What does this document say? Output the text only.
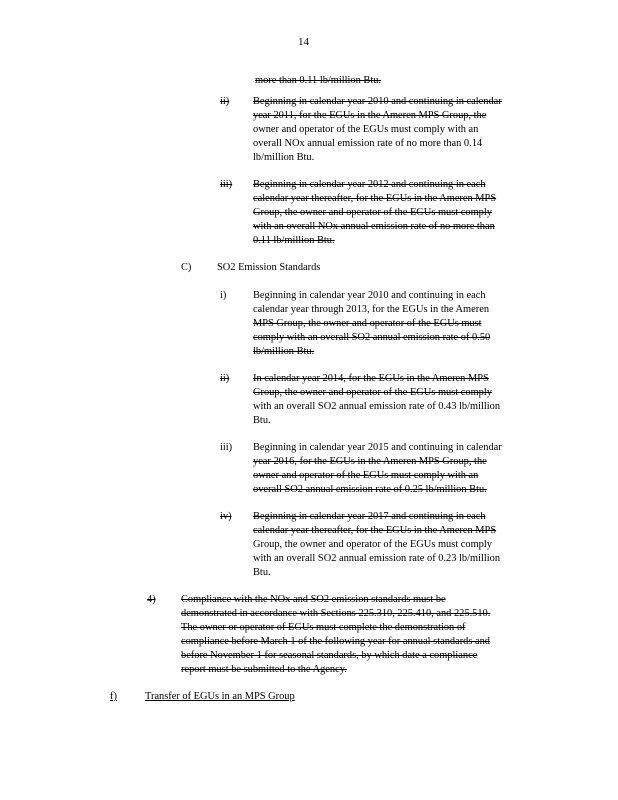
14
more than 0.11 lb/million Btu.
ii) Beginning in calendar year 2010 and continuing in calendar
year 2011, for the EGUs in the Ameren MPS Group, the
owner and operator of the EGUs must comply with an
overall NOx annual emission rate of no more than 0.14
lb/million Btu.
iii) Beginning in calendar year 2012 and continuing in each
calendar year thereafter, for the EGUs in the Ameren MPS
Group, the owner and operator of the EGUs must comply
with an overall NOx annual emission rate of no more than
0.11 lb/million Btu.
C) SO2 Emission Standards
i)	Beginning in calendar year 2010 and continuing in each
calendar year through 2013, for the EGUs in the Ameren
MPS Group, the owner and operator of the EGUs must
comply with an overall SO2 annual emission rate of 0.50
lb/million Btu.
ii) In calendar year 2014, for the EGUs in the Ameren MPS
Group, the owner and operator of the EGUs must comply
with an overall SO2 annual emission rate of 0.43 lb/million
Btu.
iii) Beginning in calendar year 2015 and continuing in calendar
year 2016, for the EGUs in the Ameren MPS Group, the
owner and operator of the EGUs must comply with an
overall SO2 annual emission rate of 0.25 lb/million Btu.
iv) Beginning in calendar year 2017 and continuing in each
calendar year thereafter, for the EGUs in the Ameren MPS
Group, the owner and operator of the EGUs must comply
with an overall SO2 annual emission rate of 0.23 lb/million
Btu.
4) Compliance with the NOx and SO2 emission standards must be
demonstrated in accordance with Sections 225.310, 225.410, and 225.510.
The owner or operator of EGUs must complete the demonstration of
compliance before March 1 of the following year for annual standards and
before November 1 for seasonal standards, by which date a compliance
report must be submitted to the Agency.
f)	Transfer of EGUs in an MPS Group
